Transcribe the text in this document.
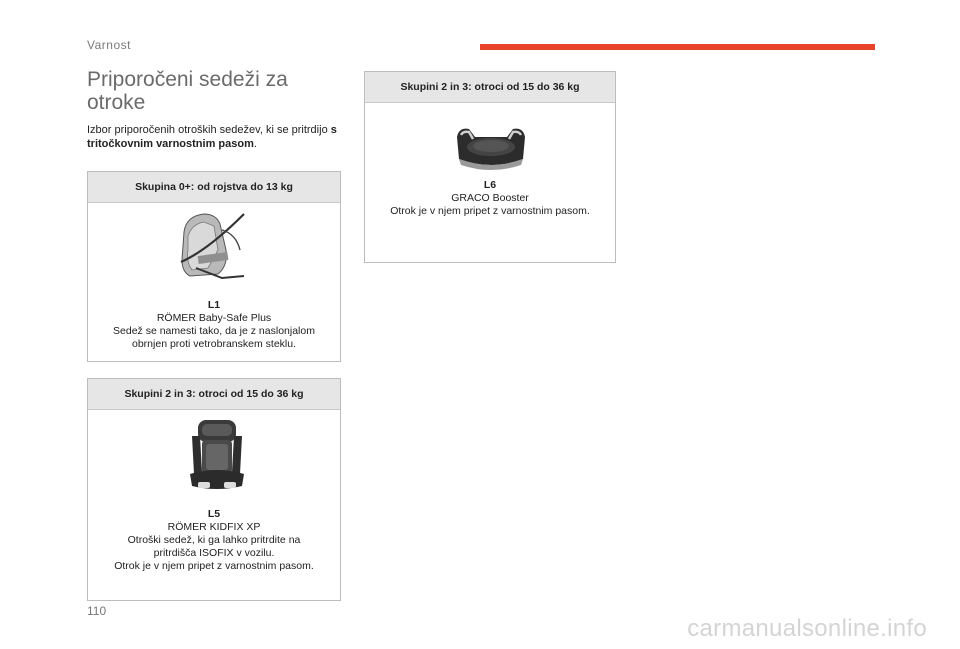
Varnost
Priporočeni sedeži za otroke
Izbor priporočenih otroških sedežev, ki se pritrdijo s tritočkovnim varnostnim pasom.
Skupina 0+: od rojstva do 13 kg
L1
RÖMER Baby-Safe Plus
Sedež se namesti tako, da je z naslonjalom
obrnjen proti vetrobranskem steklu.
Skupini 2 in 3: otroci od 15 do 36 kg
L5
RÖMER KIDFIX XP
Otroški sedež, ki ga lahko pritrdite na
pritrdišča ISOFIX v vozilu.
Otrok je v njem pripet z varnostnim pasom.
Skupini 2 in 3: otroci od 15 do 36 kg
L6
GRACO Booster
Otrok je v njem pripet z varnostnim pasom.
110
carmanualsonline.info
